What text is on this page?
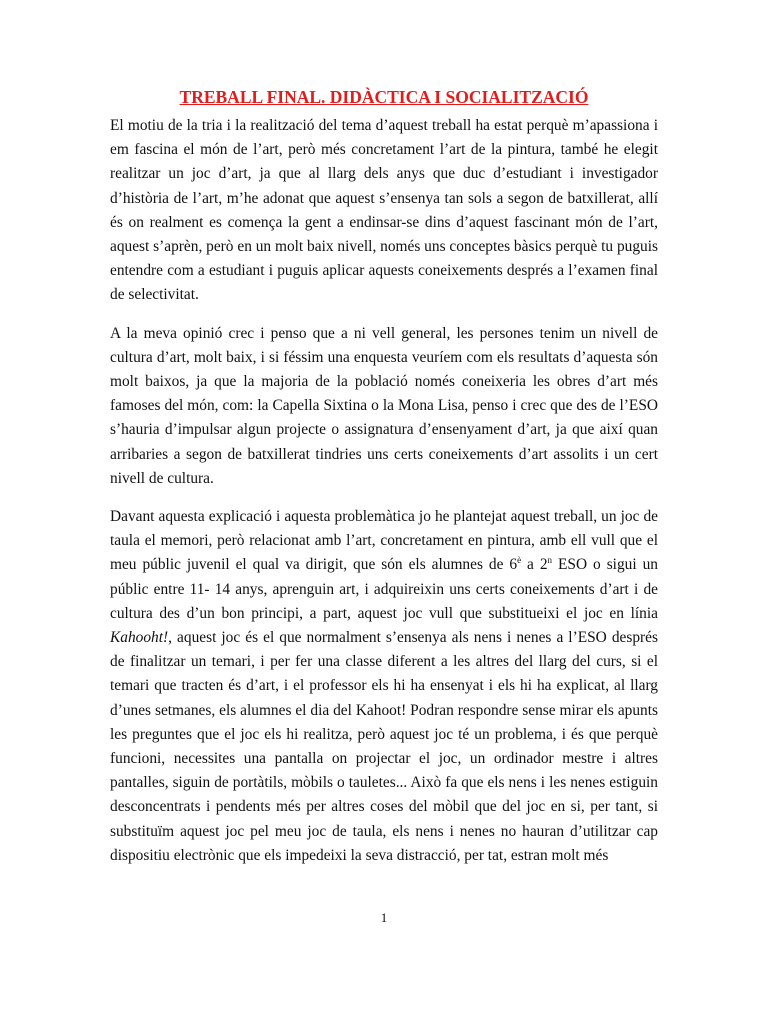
TREBALL FINAL. DIDÀCTICA I SOCIALITZACIÓ

El motiu de la tria i la realització del tema d’aquest treball ha estat perquè m’apassiona i em fascina el món de l’art, però més concretament l’art de la pintura, també he elegit realitzar un joc d’art, ja que al llarg dels anys que duc d’estudiant i investigador d’història de l’art, m’he adonat que aquest s’ensenya tan sols a segon de batxillerat, allí és on realment es comença la gent a endinsar-se dins d’aquest fascinant món de l’art, aquest s’aprèn, però en un molt baix nivell, només uns conceptes bàsics perquè tu puguis entendre com a estudiant i puguis aplicar aquests coneixements després a l’examen final de selectivitat.

A la meva opinió crec i penso que a ni vell general, les persones tenim un nivell de cultura d’art, molt baix, i si féssim una enquesta veuríem com els resultats d’aquesta són molt baixos, ja que la majoria de la població només coneixeria les obres d’art més famoses del món, com: la Capella Sixtina o la Mona Lisa, penso i crec que des de l’ESO s’hauria d’impulsar algun projecte o assignatura d’ensenyament d’art, ja que així quan arribaries a segon de batxillerat tindries uns certs coneixements d’art assolits i un cert nivell de cultura.

Davant aquesta explicació i aquesta problemàtica jo he plantejat aquest treball, un joc de taula el memori, però relacionat amb l’art, concretament en pintura, amb ell vull que el meu públic juvenil el qual va dirigit, que són els alumnes de $6^è$ a 2$^n$ ESO o sigui un públic entre 11- 14 anys, aprenguin art, i adquireixin uns certs coneixements d’art i de cultura des d’un bon principi, a part, aquest joc vull que substitueixi el joc en línia Kahooht!, aquest joc és el que normalment s’ensenya als nens i nenes a l’ESO després de finalitzar un temari, i per fer una classe diferent a les altres del llarg del curs, si el temari que tracten és d’art, i el professor els hi ha ensenyat i els hi ha explicat, al llarg d’unes setmanes, els alumnes el dia del Kahoot! Podran respondre sense mirar els apunts les preguntes que el joc els hi realitza, però aquest joc té un problema, i és que perquè funcioni, necessites una pantalla on projectar el joc, un ordinador mestre i altres pantalles, siguin de portàtils, mòbils o tauletes... Això fa que els nens i les nenes estiguin desconcentrats i pendents més per altres coses del mòbil que del joc en si, per tant, si substituïm aquest joc pel meu joc de taula, els nens i nenes no hauran d’utilitzar cap dispositiu electrònic que els impedeixi la seva distracció, per tat, estran molt més

1
